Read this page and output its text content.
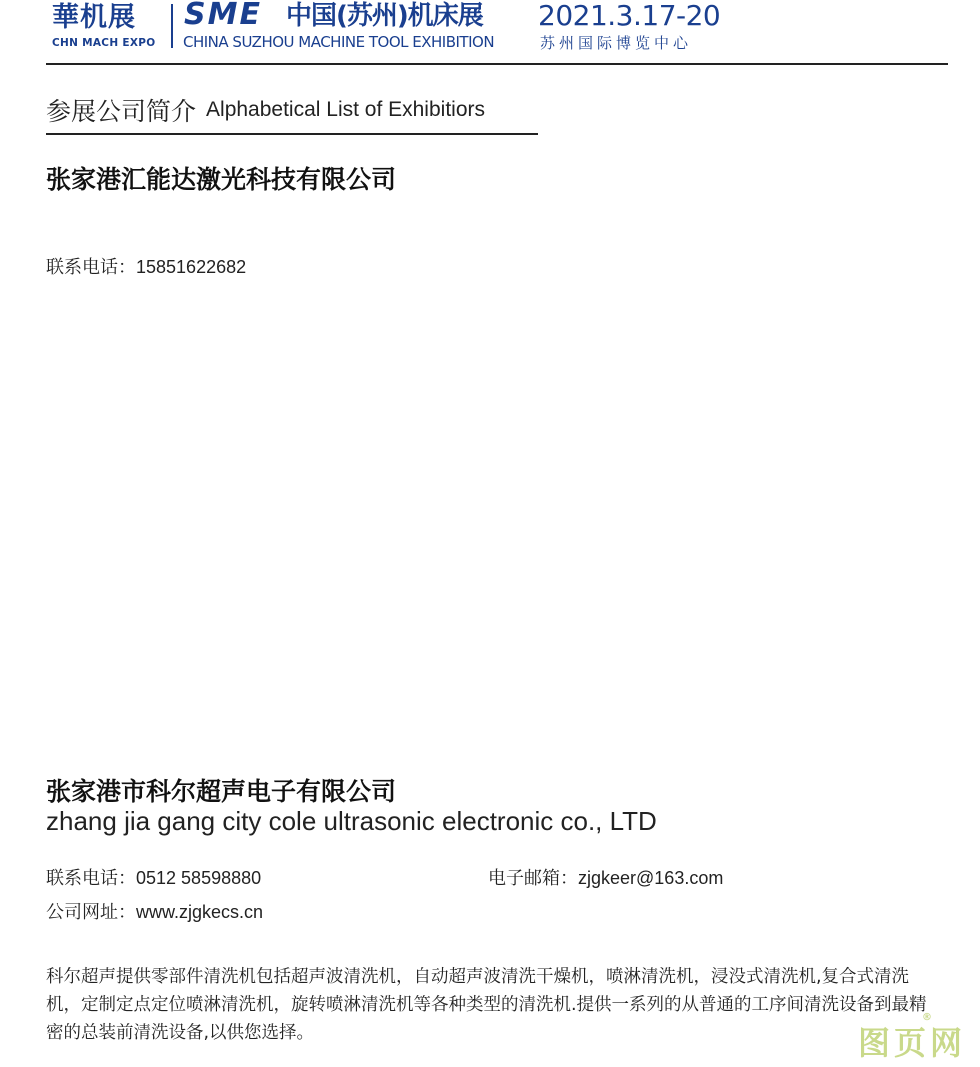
華机展
CHN MACH EXPO
SME 中国(苏州)机床展
CHINA SUZHOU MACHINE TOOL EXHIBITION
2021.3.17-20
苏州国际博览中心
参展公司简介 Alphabetical List of Exhibitiors
张家港汇能达激光科技有限公司
联系电话：15851622682
张家港市科尔超声电子有限公司
zhang jia gang city cole ultrasonic electronic co., LTD
联系电话：0512 58598880	电子邮箱：zjgkeer@163.com
公司网址：www.zjgkecs.cn
科尔超声提供零部件清洗机包括超声波清洗机，自动超声波清洗干燥机，喷淋清洗机，浸没式清洗机,复合式清洗机，定制定点定位喷淋清洗机，旋转喷淋清洗机等各种类型的清洗机.提供一系列的从普通的工序间清洗设备到最精密的总装前清洗设备,以供您选择。	图页网
®
